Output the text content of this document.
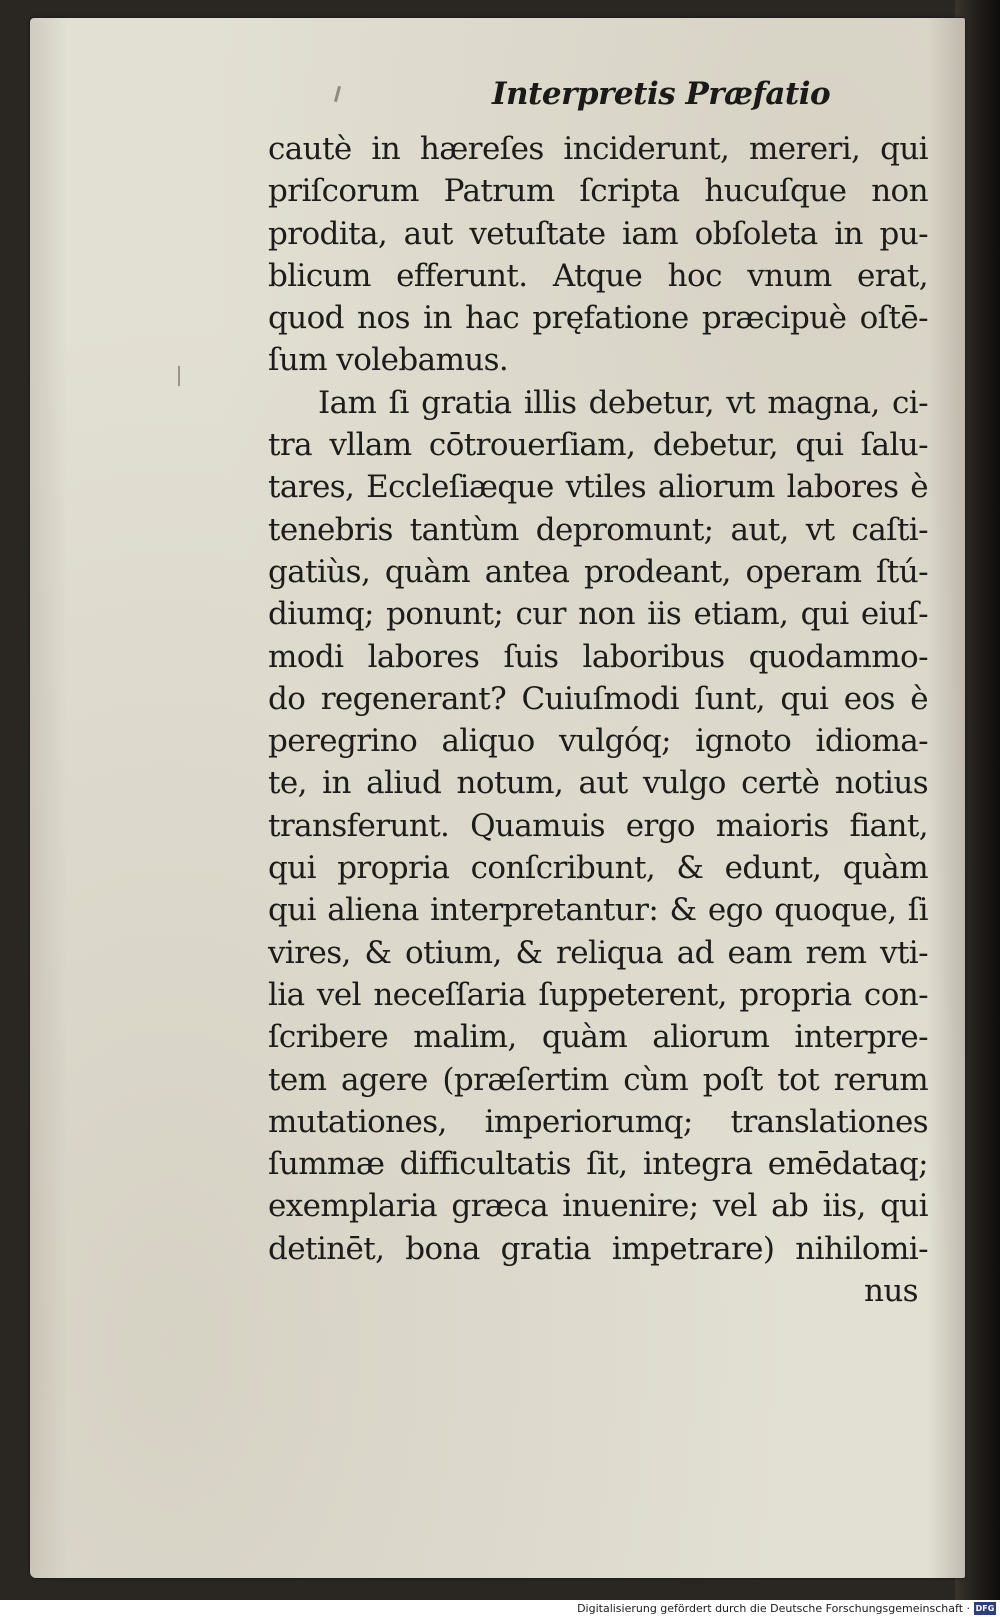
Interpretis Præfatio
cautè in hæreſes inciderunt, mereri, qui
priſcorum Patrum ſcripta hucuſque non
prodita, aut vetuſtate iam obſoleta in pu-
blicum efferunt. Atque hoc vnum erat,
quod nos in hac pręfatione præcipuè oſtē-
ſum volebamus.
Iam ſi gratia illis debetur, vt magna, ci-
tra vllam cōtrouerſiam, debetur, qui ſalu-
tares, Eccleſiæque vtiles aliorum labores è
tenebris tantùm depromunt; aut, vt caſti-
gatiùs, quàm antea prodeant, operam ſtú-
diumq; ponunt; cur non iis etiam, qui eiuſ-
modi labores ſuis laboribus quodammo-
do regenerant? Cuiuſmodi ſunt, qui eos è
peregrino aliquo vulgóq; ignoto idioma-
te, in aliud notum, aut vulgo certè notius
transferunt. Quamuis ergo maioris fiant,
qui propria conſcribunt, & edunt, quàm
qui aliena interpretantur: & ego quoque, ſi
vires, & otium, & reliqua ad eam rem vti-
lia vel neceſſaria ſuppeterent, propria con-
ſcribere malim, quàm aliorum interpre-
tem agere (præſertim cùm poſt tot rerum
mutationes, imperiorumq; translationes
ſummæ difficultatis ſit, integra emēdataq;
exemplaria græca inuenire; vel ab iis, qui
detinēt, bona gratia impetrare) nihilomi-
nus
Digitalisierung gefördert durch die Deutsche Forschungsgemeinschaft · DFG
